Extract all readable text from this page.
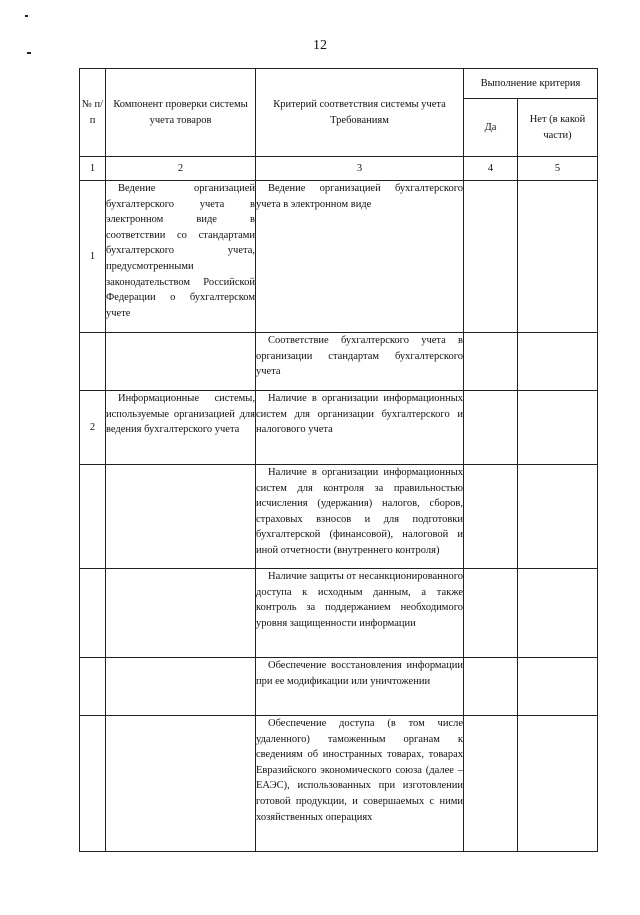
12
№ п/п	Компонент проверки системы учета товаров	Критерий соответствия системы учета Требованиям	Выполнение критерия	
			Да	Нет (в какой части)
1	2	3	4	5
1	Ведение организацией бухгалтерского учета в электронном виде в соответствии со стандартами бухгалтерского учета, предусмотренными законодательством Российской Федерации о бухгалтерском учете	Ведение организацией бухгалтерского учета в электронном виде		
		Соответствие бухгалтерского учета в организации стандартам бухгалтерского учета		
2	Информационные системы, используемые организацией для ведения бухгалтерского учета	Наличие в организации информационных систем для организации бухгалтерского и налогового учета		
		Наличие в организации информационных систем для контроля за правильностью исчисления (удержания) налогов, сборов, страховых взносов и для подготовки бухгалтерской (финансовой), налоговой и иной отчетности (внутреннего контроля)		
		Наличие защиты от несанкционированного доступа к исходным данным, а также контроль за поддержанием необходимого уровня защищенности информации		
		Обеспечение восстановления информации при ее модификации или уничтожении		
		Обеспечение доступа (в том числе удаленного) таможенным органам к сведениям об иностранных товарах, товарах Евразийского экономического союза (далее – ЕАЭС), использованных при изготовлении готовой продукции, и совершаемых с ними хозяйственных операциях		
